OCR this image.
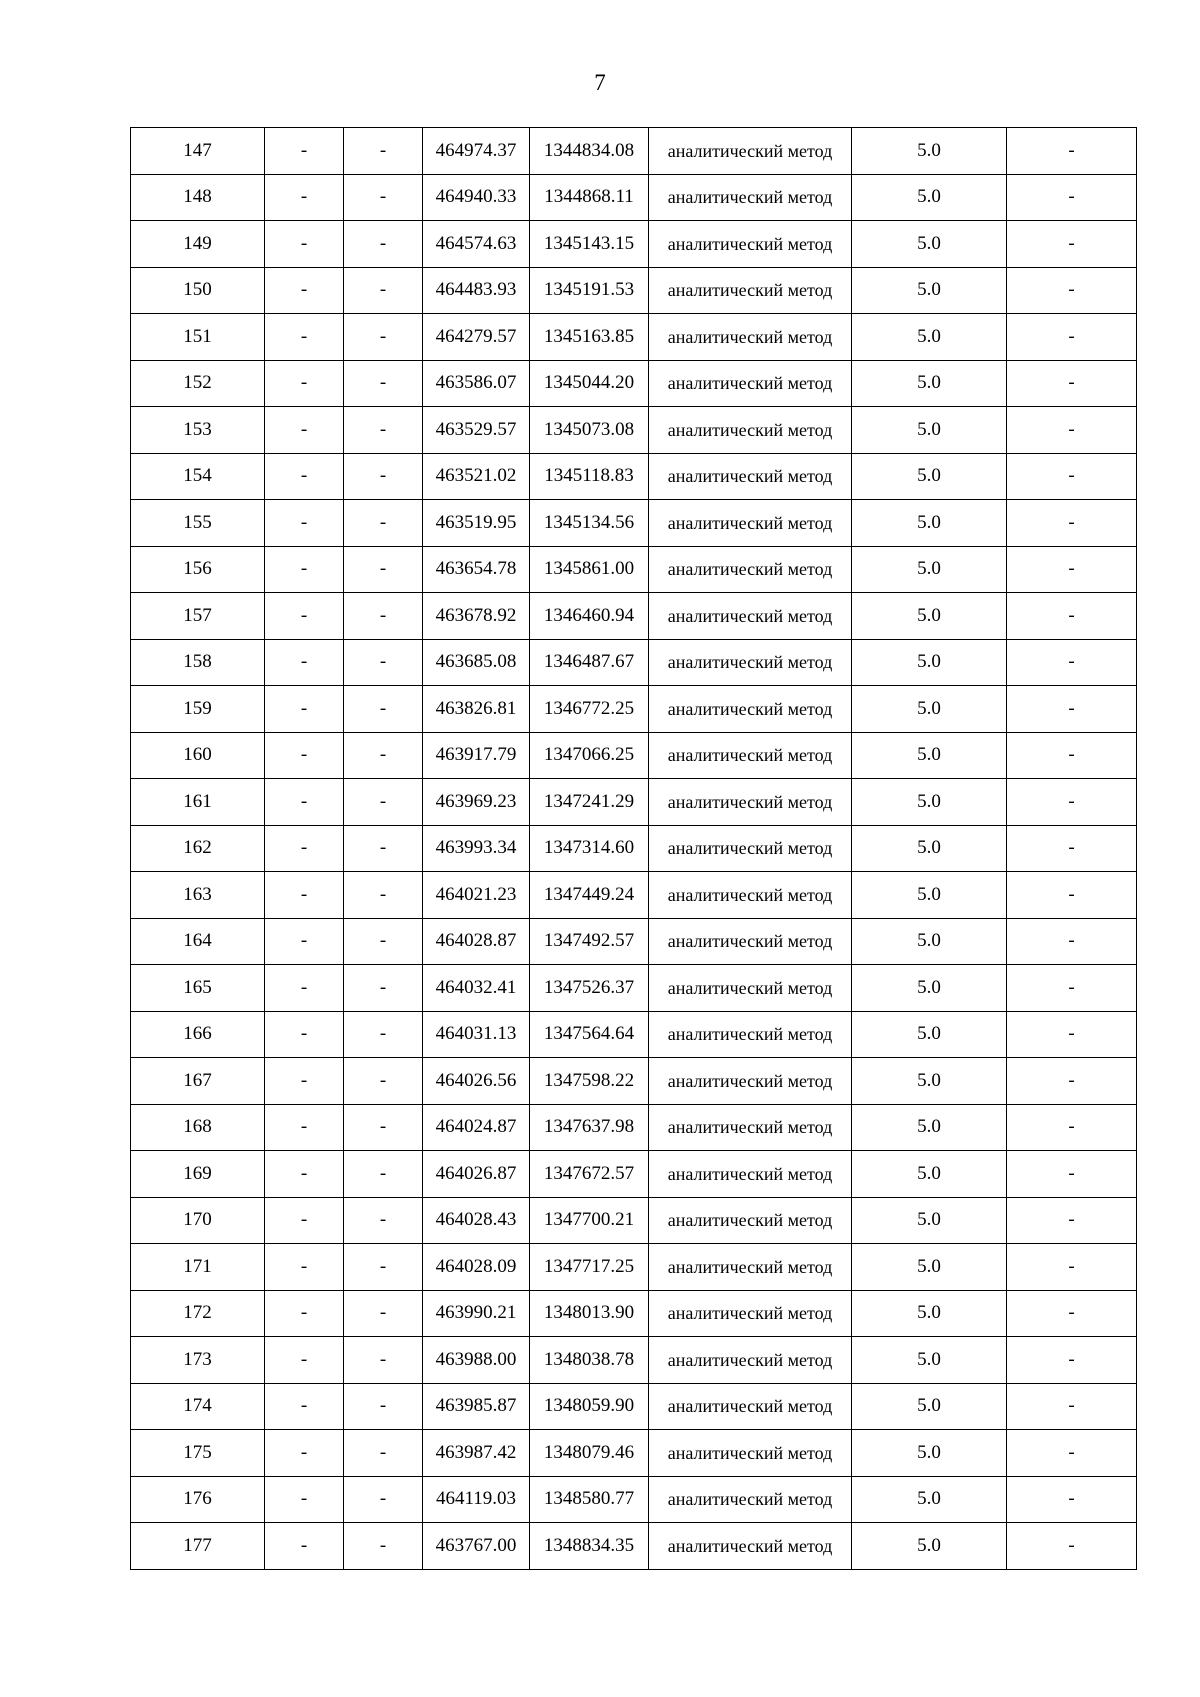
7
147	-	-	464974.37	1344834.08	аналитический метод	5.0	-
148	-	-	464940.33	1344868.11	аналитический метод	5.0	-
149	-	-	464574.63	1345143.15	аналитический метод	5.0	-
150	-	-	464483.93	1345191.53	аналитический метод	5.0	-
151	-	-	464279.57	1345163.85	аналитический метод	5.0	-
152	-	-	463586.07	1345044.20	аналитический метод	5.0	-
153	-	-	463529.57	1345073.08	аналитический метод	5.0	-
154	-	-	463521.02	1345118.83	аналитический метод	5.0	-
155	-	-	463519.95	1345134.56	аналитический метод	5.0	-
156	-	-	463654.78	1345861.00	аналитический метод	5.0	-
157	-	-	463678.92	1346460.94	аналитический метод	5.0	-
158	-	-	463685.08	1346487.67	аналитический метод	5.0	-
159	-	-	463826.81	1346772.25	аналитический метод	5.0	-
160	-	-	463917.79	1347066.25	аналитический метод	5.0	-
161	-	-	463969.23	1347241.29	аналитический метод	5.0	-
162	-	-	463993.34	1347314.60	аналитический метод	5.0	-
163	-	-	464021.23	1347449.24	аналитический метод	5.0	-
164	-	-	464028.87	1347492.57	аналитический метод	5.0	-
165	-	-	464032.41	1347526.37	аналитический метод	5.0	-
166	-	-	464031.13	1347564.64	аналитический метод	5.0	-
167	-	-	464026.56	1347598.22	аналитический метод	5.0	-
168	-	-	464024.87	1347637.98	аналитический метод	5.0	-
169	-	-	464026.87	1347672.57	аналитический метод	5.0	-
170	-	-	464028.43	1347700.21	аналитический метод	5.0	-
171	-	-	464028.09	1347717.25	аналитический метод	5.0	-
172	-	-	463990.21	1348013.90	аналитический метод	5.0	-
173	-	-	463988.00	1348038.78	аналитический метод	5.0	-
174	-	-	463985.87	1348059.90	аналитический метод	5.0	-
175	-	-	463987.42	1348079.46	аналитический метод	5.0	-
176	-	-	464119.03	1348580.77	аналитический метод	5.0	-
177	-	-	463767.00	1348834.35	аналитический метод	5.0	-
